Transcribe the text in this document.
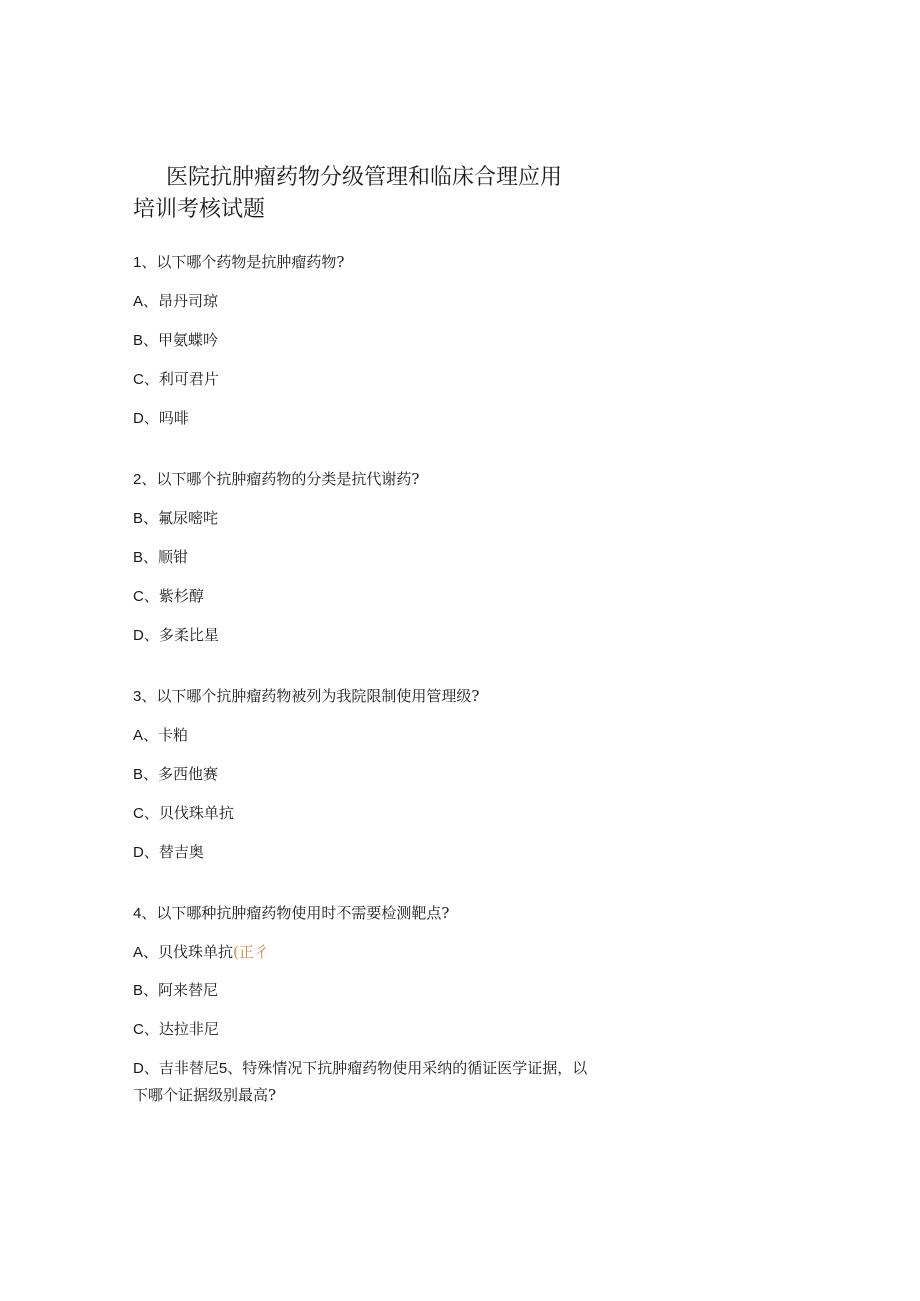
医院抗肿瘤药物分级管理和临床合理应用
培训考核试题

1、以下哪个药物是抗肿瘤药物?

A、昂丹司琼

B、甲氨蝶吟

C、利可君片

D、吗啡

2、以下哪个抗肿瘤药物的分类是抗代谢药?

B、氟尿嘧咤

B、顺钳

C、紫杉醇

D、多柔比星

3、以下哪个抗肿瘤药物被列为我院限制使用管理级?

A、卡粕

B、多西他赛

C、贝伐珠单抗

D、替吉奥

4、以下哪种抗肿瘤药物使用时不需要检测靶点?

A、贝伐珠单抗(正彳

B、阿来替尼

C、达拉非尼

D、吉非替尼5、特殊情况下抗肿瘤药物使用采纳的循证医学证据，以下哪个证据级别最高?
